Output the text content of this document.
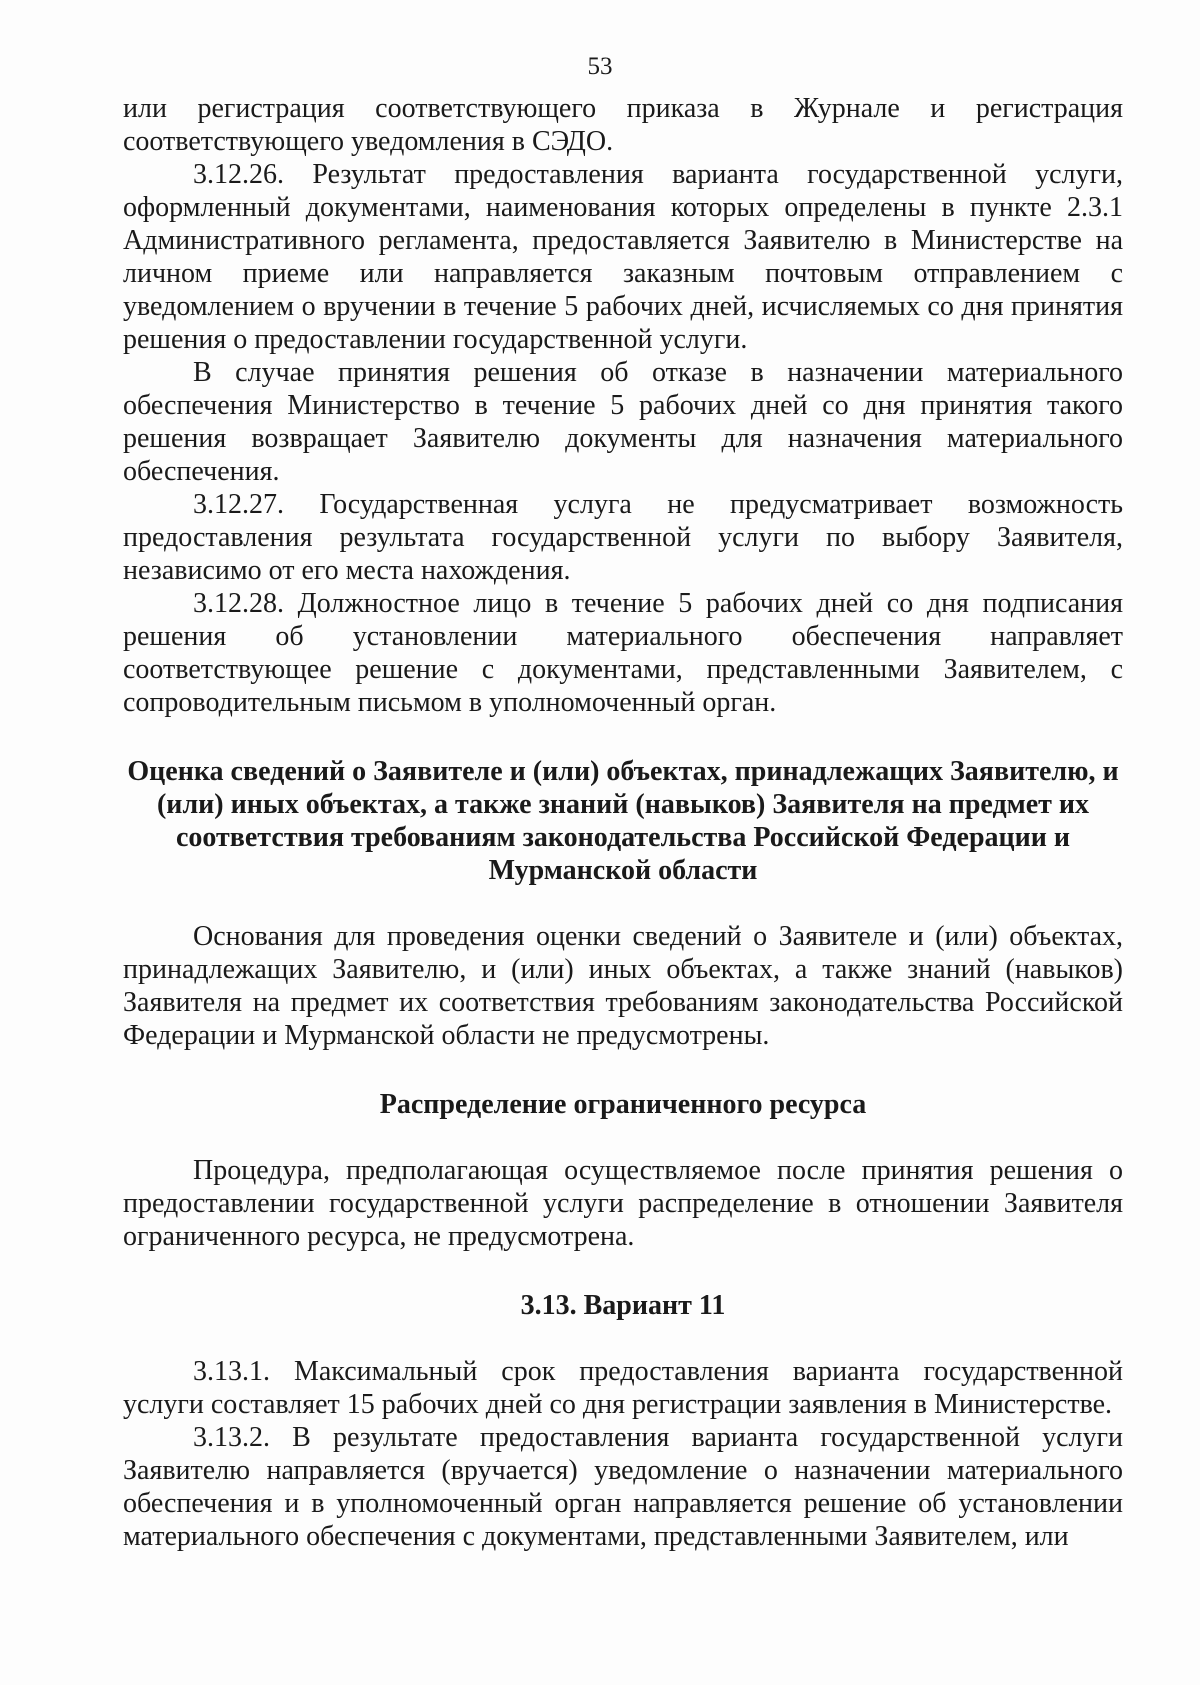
53

или регистрация соответствующего приказа в Журнале и регистрация соответствующего уведомления в СЭДО.

3.12.26. Результат предоставления варианта государственной услуги, оформленный документами, наименования которых определены в пункте 2.3.1 Административного регламента, предоставляется Заявителю в Министерстве на личном приеме или направляется заказным почтовым отправлением с уведомлением о вручении в течение 5 рабочих дней, исчисляемых со дня принятия решения о предоставлении государственной услуги.

В случае принятия решения об отказе в назначении материального обеспечения Министерство в течение 5 рабочих дней со дня принятия такого решения возвращает Заявителю документы для назначения материального обеспечения.

3.12.27. Государственная услуга не предусматривает возможность предоставления результата государственной услуги по выбору Заявителя, независимо от его места нахождения.

3.12.28. Должностное лицо в течение 5 рабочих дней со дня подписания решения об установлении материального обеспечения направляет соответствующее решение с документами, представленными Заявителем, с сопроводительным письмом в уполномоченный орган.

Оценка сведений о Заявителе и (или) объектах, принадлежащих Заявителю, и (или) иных объектах, а также знаний (навыков) Заявителя на предмет их соответствия требованиям законодательства Российской Федерации и Мурманской области

Основания для проведения оценки сведений о Заявителе и (или) объектах, принадлежащих Заявителю, и (или) иных объектах, а также знаний (навыков) Заявителя на предмет их соответствия требованиям законодательства Российской Федерации и Мурманской области не предусмотрены.

Распределение ограниченного ресурса

Процедура, предполагающая осуществляемое после принятия решения о предоставлении государственной услуги распределение в отношении Заявителя ограниченного ресурса, не предусмотрена.

3.13. Вариант 11

3.13.1. Максимальный срок предоставления варианта государственной услуги составляет 15 рабочих дней со дня регистрации заявления в Министерстве.

3.13.2. В результате предоставления варианта государственной услуги Заявителю направляется (вручается) уведомление о назначении материального обеспечения и в уполномоченный орган направляется решение об установлении материального обеспечения с документами, представленными Заявителем, или
